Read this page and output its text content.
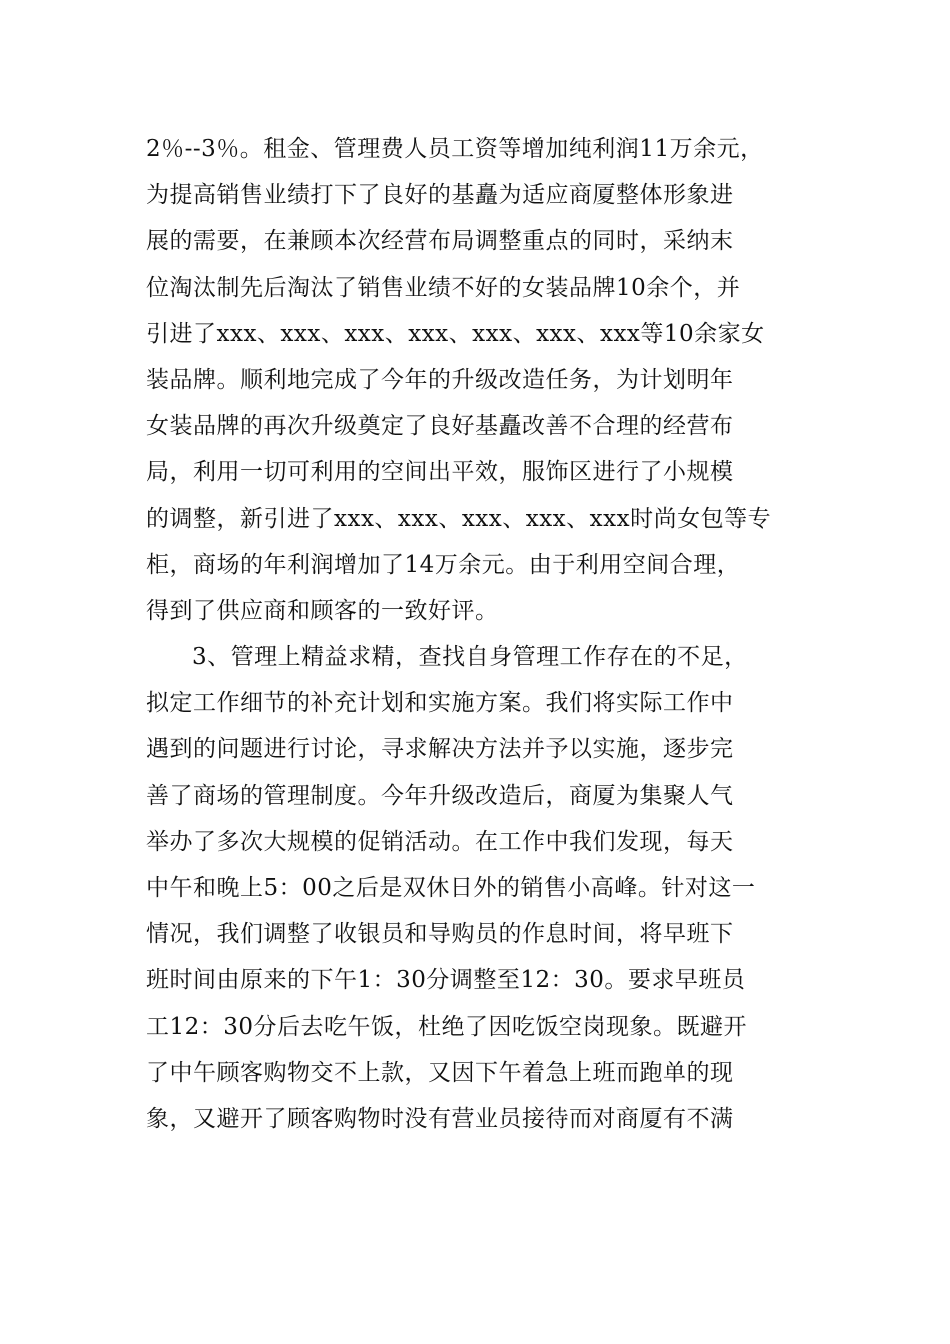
2％--3％。租金、管理费人员工资等增加纯利润11万余元，
为提高销售业绩打下了良好的基矗为适应商厦整体形象进
展的需要，在兼顾本次经营布局调整重点的同时，采纳末
位淘汰制先后淘汰了销售业绩不好的女装品牌10余个，并
引进了xxx、xxx、xxx、xxx、xxx、xxx、xxx等10余家女
装品牌。顺利地完成了今年的升级改造任务，为计划明年
女装品牌的再次升级奠定了良好基矗改善不合理的经营布
局，利用一切可利用的空间出平效，服饰区进行了小规模
的调整，新引进了xxx、xxx、xxx、xxx、xxx时尚女包等专
柜，商场的年利润增加了14万余元。由于利用空间合理，
得到了供应商和顾客的一致好评。
3、管理上精益求精，查找自身管理工作存在的不足，
拟定工作细节的补充计划和实施方案。我们将实际工作中
遇到的问题进行讨论，寻求解决方法并予以实施，逐步完
善了商场的管理制度。今年升级改造后，商厦为集聚人气
举办了多次大规模的促销活动。在工作中我们发现，每天
中午和晚上5：00之后是双休日外的销售小高峰。针对这一
情况，我们调整了收银员和导购员的作息时间，将早班下
班时间由原来的下午1：30分调整至12：30。要求早班员
工12：30分后去吃午饭，杜绝了因吃饭空岗现象。既避开
了中午顾客购物交不上款，又因下午着急上班而跑单的现
象，又避开了顾客购物时没有营业员接待而对商厦有不满
